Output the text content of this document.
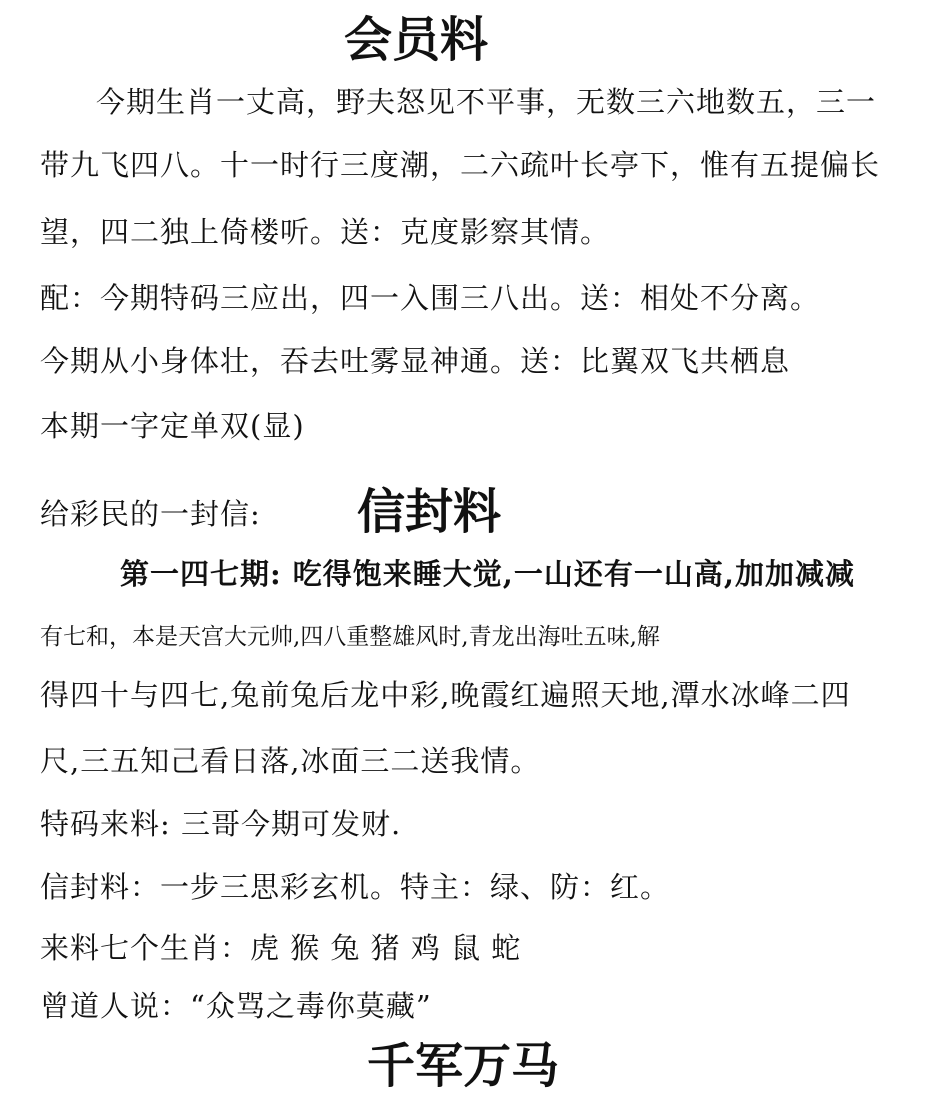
会员料
今期生肖一丈高，野夫怒见不平事，无数三六地数五，三一
带九飞四八。十一时行三度潮，二六疏叶长亭下，惟有五提偏长
望，四二独上倚楼听。送：克度影察其情。
配：今期特码三应出，四一入围三八出。送：相处不分离。
今期从小身体壮，吞去吐雾显神通。送：比翼双飞共栖息
本期一字定单双(显)
给彩民的一封信: 信封料
第一四七期: 吃得饱来睡大觉,一山还有一山高,加加减减
有七和，本是天宫大元帅,四八重整雄风时,青龙出海吐五味,解
得四十与四七,兔前兔后龙中彩,晚霞红遍照天地,潭水冰峰二四
尺,三五知己看日落,冰面三二送我情。
特码来料: 三哥今期可发财.
信封料：一步三思彩玄机。特主：绿、防：红。
来料七个生肖：虎 猴 兔 猪 鸡 鼠 蛇
曾道人说：“众骂之毒你莫藏”
千军万马
